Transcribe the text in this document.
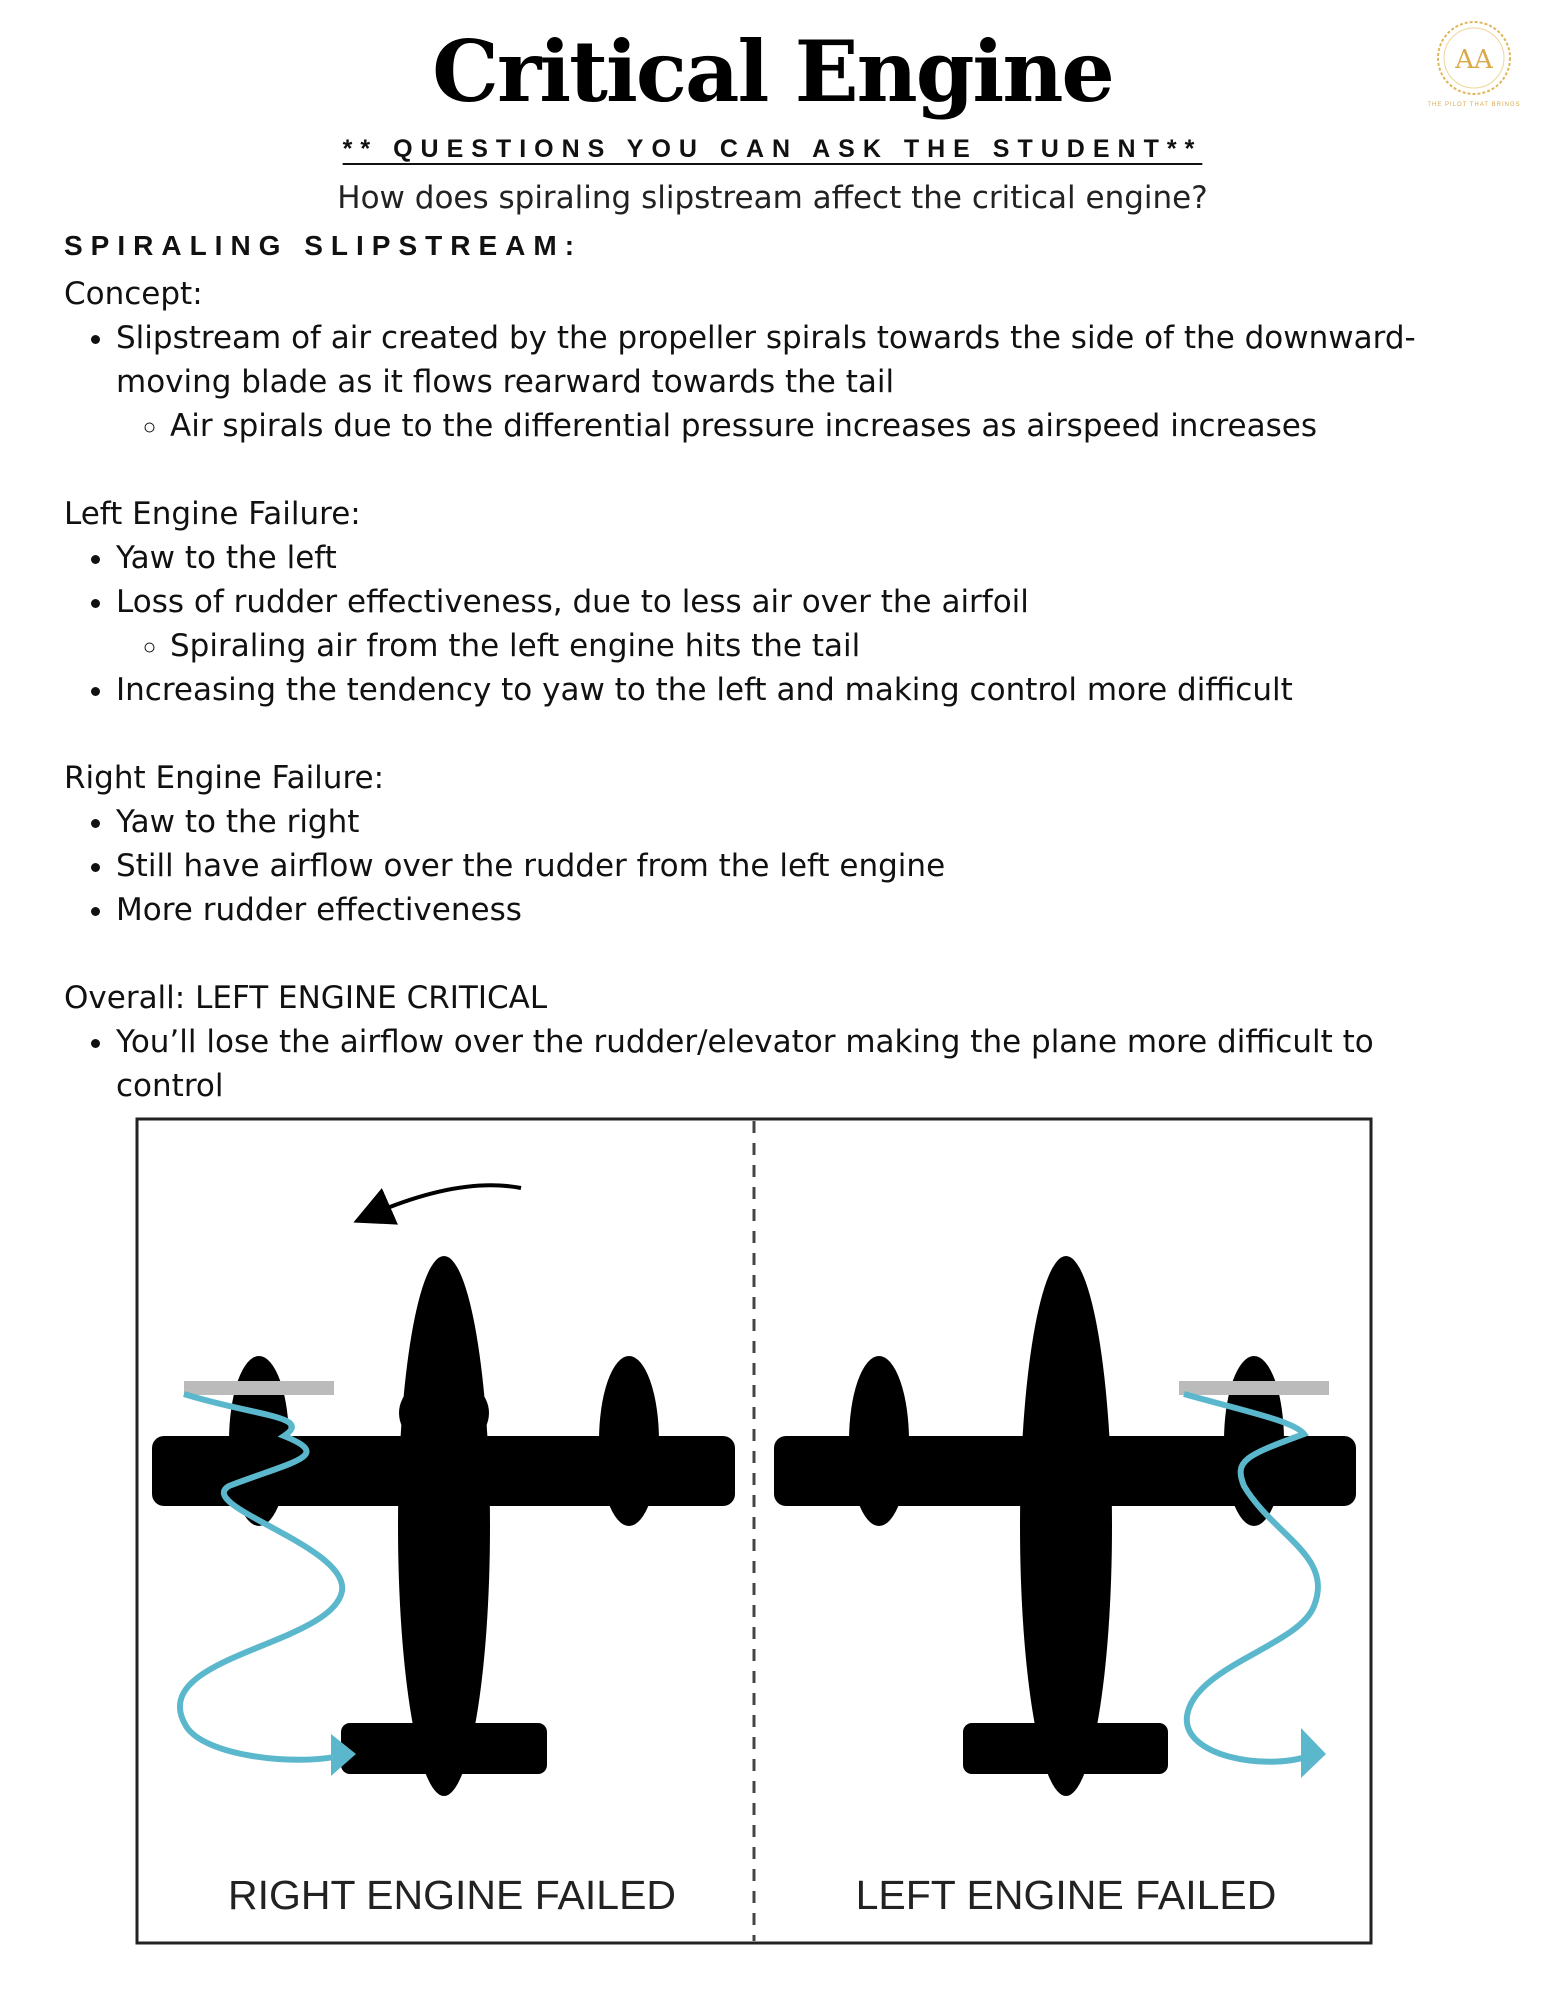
AA
THE PILOT THAT BRINGS
Critical Engine
** QUESTIONS YOU CAN ASK THE STUDENT**
How does spiraling slipstream affect the critical engine?
SPIRALING SLIPSTREAM:

Concept:

• Slipstream of air created by the propeller spirals towards the side of the downward-moving blade as it flows rearward towards the tail
◦ Air spirals due to the differential pressure increases as airspeed increases

Left Engine Failure:

• Yaw to the left
• Loss of rudder effectiveness, due to less air over the airfoil
◦ Spiraling air from the left engine hits the tail
• Increasing the tendency to yaw to the left and making control more difficult

Right Engine Failure:

• Yaw to the right
• Still have airflow over the rudder from the left engine
• More rudder effectiveness

Overall: LEFT ENGINE CRITICAL

• You’ll lose the airflow over the rudder/elevator making the plane more difficult to control
RIGHT ENGINE FAILED	LEFT ENGINE FAILED
